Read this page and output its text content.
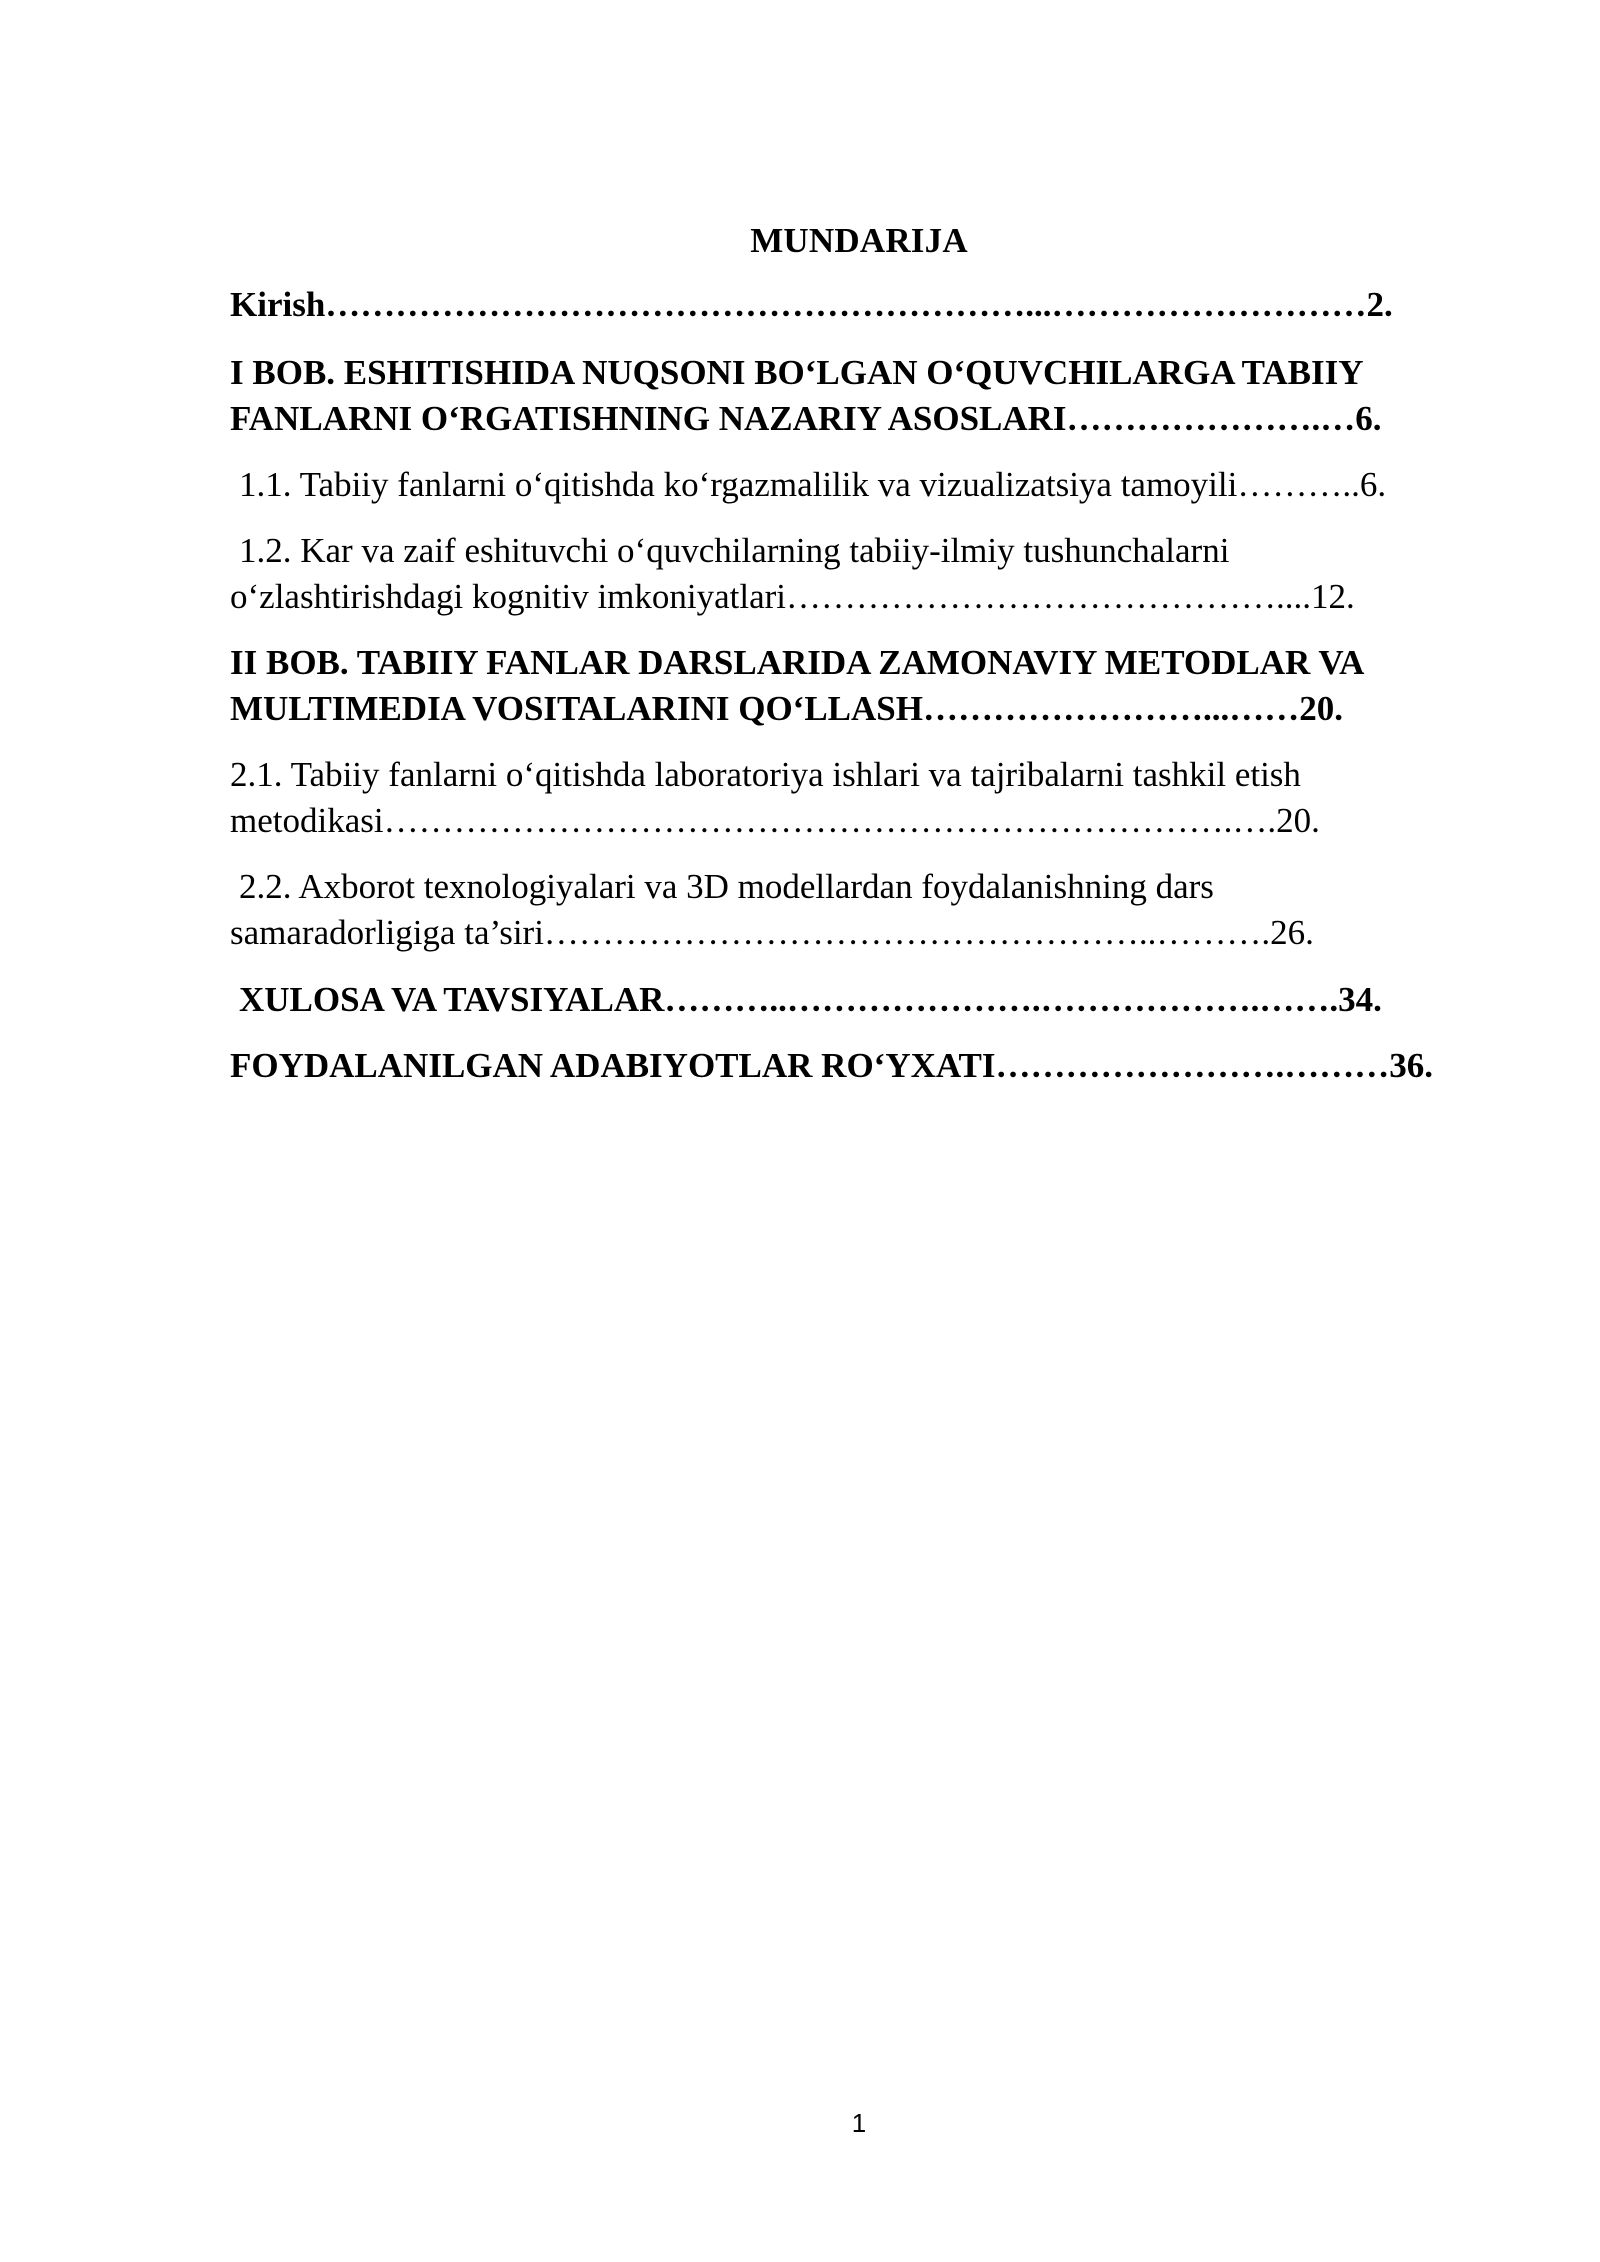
MUNDARIJA
Kirish……………………………………………………...………………………2.
I BOB. ESHITISHIDA NUQSONI BO‘LGAN O‘QUVCHILARGA TABIIY
FANLARNI O‘RGATISHNING NAZARIY ASOSLARI………………….…6.
1.1. Tabiiy fanlarni o‘qitishda ko‘rgazmalilik va vizualizatsiya tamoyili………..6.
1.2. Kar va zaif eshituvchi o‘quvchilarning tabiiy-ilmiy tushunchalarni
o‘zlashtirishdagi kognitiv imkoniyatlari……………………………………....12.
II BOB. TABIIY FANLAR DARSLARIDA ZAMONAVIY METODLAR VA
MULTIMEDIA VOSITALARINI QO‘LLASH……………………...……20.
2.1. Tabiiy fanlarni o‘qitishda laboratoriya ishlari va tajribalarni tashkil etish
metodikasi……………………………………………………………….….20.
2.2. Axborot texnologiyalari va 3D modellardan foydalanishning dars
samaradorligiga ta’siri……………………………………………..……….26.
XULOSA VA TAVSIYALAR………..………………….……………….…….34.
FOYDALANILGAN ADABIYOTLAR RO‘YXATI…………………….………36.
1
